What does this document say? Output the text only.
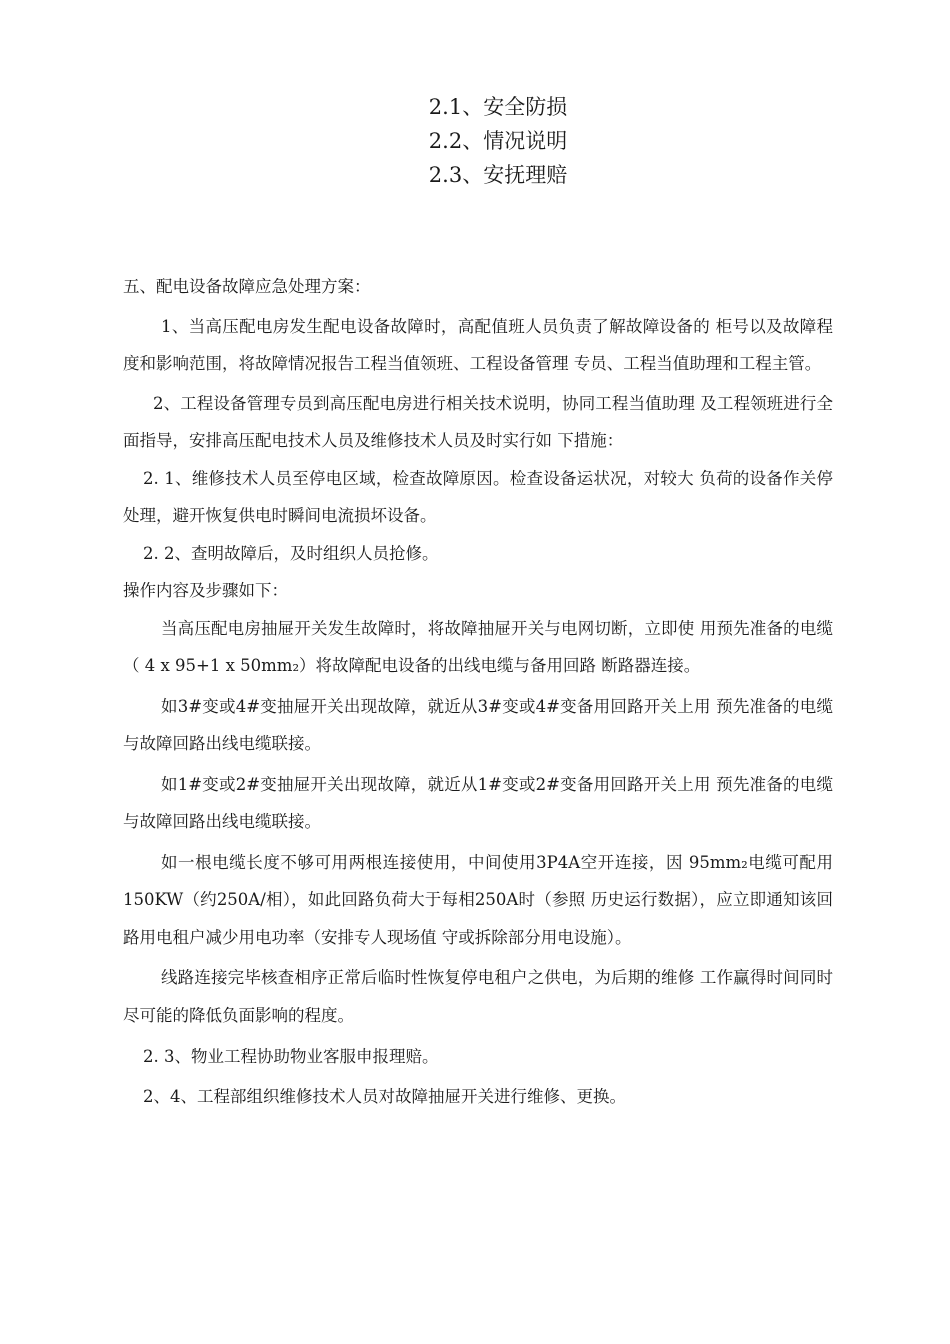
2.1、安全防损
2.2、情况说明
2.3、安抚理赔

五、配电设备故障应急处理方案：

1、当高压配电房发生配电设备故障时，高配值班人员负责了解故障设备的 柜号以及故障程度和影响范围，将故障情况报告工程当值领班、工程设备管理 专员、工程当值助理和工程主管。

2、工程设备管理专员到高压配电房进行相关技术说明，协同工程当值助理 及工程领班进行全面指导，安排高压配电技术人员及维修技术人员及时实行如 下措施：

2. 1、维修技术人员至停电区域，检查故障原因。检查设备运状况，对较大 负荷的设备作关停处理，避开恢复供电时瞬间电流损坏设备。

2. 2、查明故障后，及时组织人员抢修。

操作内容及步骤如下：

当高压配电房抽屉开关发生故障时，将故障抽屉开关与电网切断，立即使 用预先准备的电缆（ 4 x 95+1 x 50mm₂）将故障配电设备的出线电缆与备用回路 断路器连接。

如3#变或4#变抽屉开关出现故障，就近从3#变或4#变备用回路开关上用 预先准备的电缆与故障回路出线电缆联接。

如1#变或2#变抽屉开关出现故障，就近从1#变或2#变备用回路开关上用 预先准备的电缆与故障回路出线电缆联接。

如一根电缆长度不够可用两根连接使用，中间使用3P4A空开连接，因 95mm₂电缆可配用150KW（约250A/相），如此回路负荷大于每相250A时（参照 历史运行数据），应立即通知该回路用电租户减少用电功率（安排专人现场值 守或拆除部分用电设施）。

线路连接完毕核查相序正常后临时性恢复停电租户之供电，为后期的维修 工作赢得时间同时尽可能的降低负面影响的程度。

2. 3、物业工程协助物业客服申报理赔。

2、4、工程部组织维修技术人员对故障抽屉开关进行维修、更换。
